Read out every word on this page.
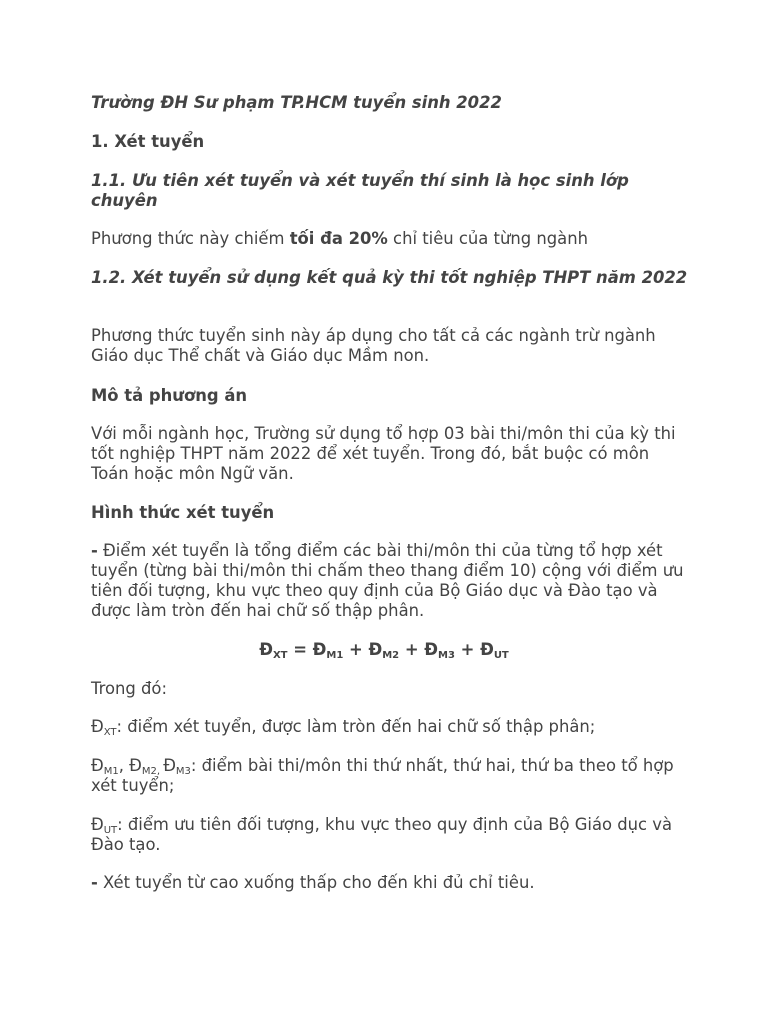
Trường ĐH Sư phạm TP.HCM tuyển sinh 2022

1. Xét tuyển

1.1. Ưu tiên xét tuyển và xét tuyển thí sinh là học sinh lớp chuyên

Phương thức này chiếm tối đa 20% chỉ tiêu của từng ngành

1.2. Xét tuyển sử dụng kết quả kỳ thi tốt nghiệp THPT năm 2022

Phương thức tuyển sinh này áp dụng cho tất cả các ngành trừ ngành Giáo dục Thể chất và Giáo dục Mầm non.

Mô tả phương án

Với mỗi ngành học, Trường sử dụng tổ hợp 03 bài thi/môn thi của kỳ thi tốt nghiệp THPT năm 2022 để xét tuyển. Trong đó, bắt buộc có môn Toán hoặc môn Ngữ văn.

Hình thức xét tuyển

- Điểm xét tuyển là tổng điểm các bài thi/môn thi của từng tổ hợp xét tuyển (từng bài thi/môn thi chấm theo thang điểm 10) cộng với điểm ưu tiên đối tượng, khu vực theo quy định của Bộ Giáo dục và Đào tạo và được làm tròn đến hai chữ số thập phân.

$Đ_{XT}$ = $Đ_{M1}$ + $Đ_{M2}$ + $Đ_{M3}$ + $Đ_{UT}$

Trong đó:

$Đ_{XT}$: điểm xét tuyển, được làm tròn đến hai chữ số thập phân;

$Đ_{M1}$, $Đ_{M2,}$ $Đ_{M3}$: điểm bài thi/môn thi thứ nhất, thứ hai, thứ ba theo tổ hợp xét tuyển;

$Đ_{UT}$: điểm ưu tiên đối tượng, khu vực theo quy định của Bộ Giáo dục và Đào tạo.

- Xét tuyển từ cao xuống thấp cho đến khi đủ chỉ tiêu.
